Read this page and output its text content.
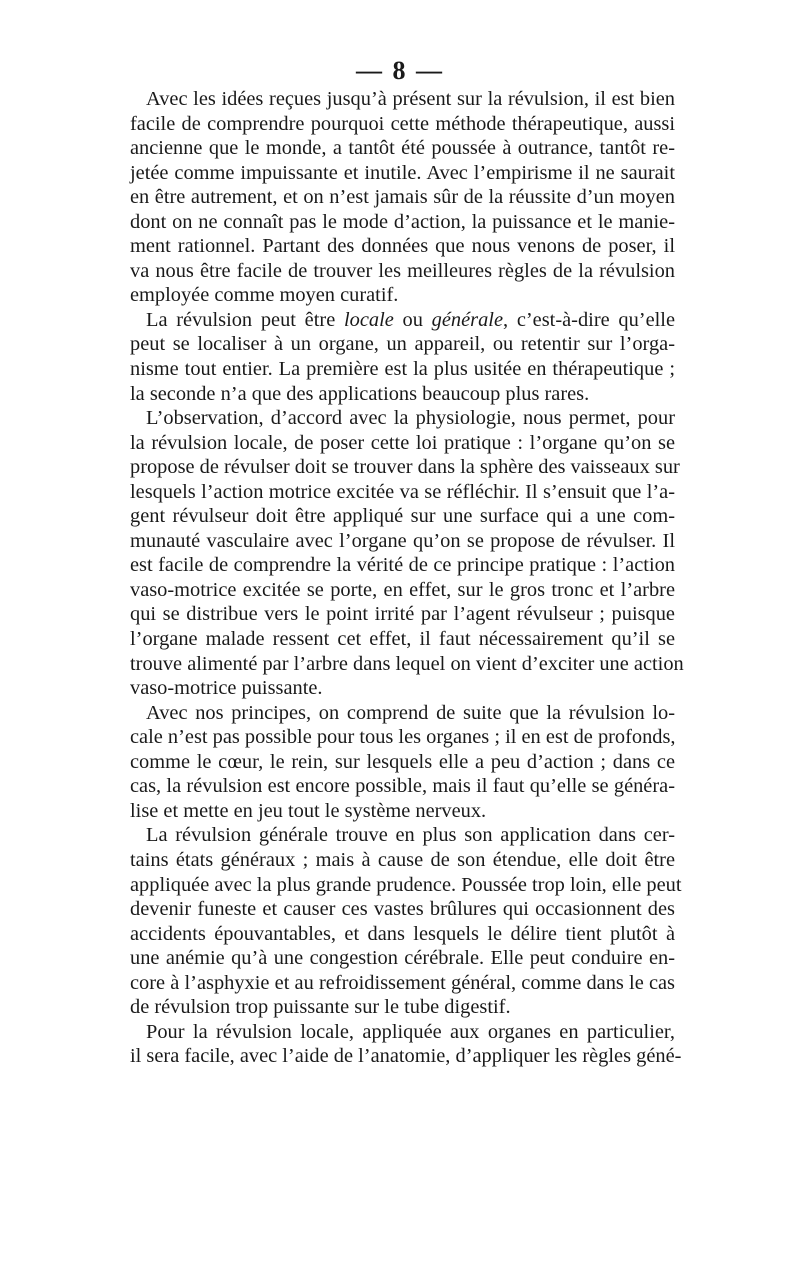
— 8 —
Avec les idées reçues jusqu’à présent sur la révulsion, il est bien
facile de comprendre pourquoi cette méthode thérapeutique, aussi
ancienne que le monde, a tantôt été poussée à outrance, tantôt re-
jetée comme impuissante et inutile. Avec l’empirisme il ne saurait
en être autrement, et on n’est jamais sûr de la réussite d’un moyen
dont on ne connaît pas le mode d’action, la puissance et le manie-
ment rationnel. Partant des données que nous venons de poser, il
va nous être facile de trouver les meilleures règles de la révulsion
employée comme moyen curatif.
La révulsion peut être locale ou générale, c’est-à-dire qu’elle
peut se localiser à un organe, un appareil, ou retentir sur l’orga-
nisme tout entier. La première est la plus usitée en thérapeutique ;
la seconde n’a que des applications beaucoup plus rares.
L’observation, d’accord avec la physiologie, nous permet, pour
la révulsion locale, de poser cette loi pratique : l’organe qu’on se
propose de révulser doit se trouver dans la sphère des vaisseaux sur
lesquels l’action motrice excitée va se réfléchir. Il s’ensuit que l’a-
gent révulseur doit être appliqué sur une surface qui a une com-
munauté vasculaire avec l’organe qu’on se propose de révulser. Il
est facile de comprendre la vérité de ce principe pratique : l’action
vaso-motrice excitée se porte, en effet, sur le gros tronc et l’arbre
qui se distribue vers le point irrité par l’agent révulseur ; puisque
l’organe malade ressent cet effet, il faut nécessairement qu’il se
trouve alimenté par l’arbre dans lequel on vient d’exciter une action
vaso-motrice puissante.
Avec nos principes, on comprend de suite que la révulsion lo-
cale n’est pas possible pour tous les organes ; il en est de profonds,
comme le cœur, le rein, sur lesquels elle a peu d’action ; dans ce
cas, la révulsion est encore possible, mais il faut qu’elle se généra-
lise et mette en jeu tout le système nerveux.
La révulsion générale trouve en plus son application dans cer-
tains états généraux ; mais à cause de son étendue, elle doit être
appliquée avec la plus grande prudence. Poussée trop loin, elle peut
devenir funeste et causer ces vastes brûlures qui occasionnent des
accidents épouvantables, et dans lesquels le délire tient plutôt à
une anémie qu’à une congestion cérébrale. Elle peut conduire en-
core à l’asphyxie et au refroidissement général, comme dans le cas
de révulsion trop puissante sur le tube digestif.
Pour la révulsion locale, appliquée aux organes en particulier,
il sera facile, avec l’aide de l’anatomie, d’appliquer les règles géné-
